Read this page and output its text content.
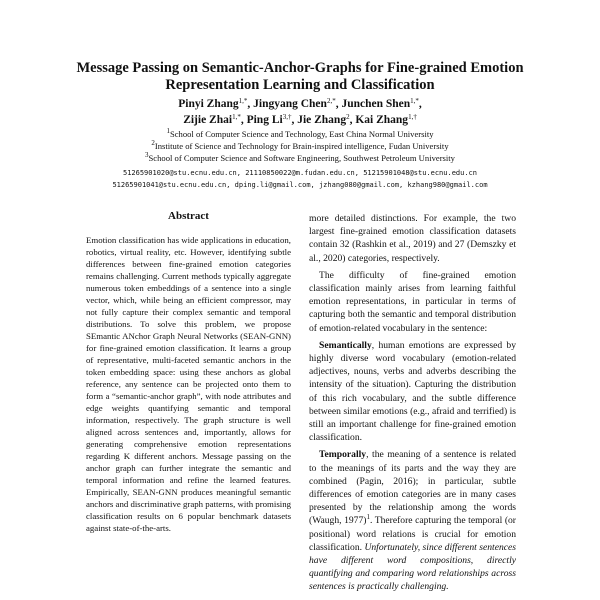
Message Passing on Semantic-Anchor-Graphs for Fine-grained Emotion
Representation Learning and Classification
Pinyi Zhang$^{1,*}$, Jingyang Chen$^{2,*}$, Junchen Shen$^{1,*}$,
Zijie Zhai$^{1,*}$, Ping $Li^{3,\dagger}$, Jie Zhang$^2$, Kai Zhang$^{1,\dagger}$
$^1$School of Computer Science and Technology, East China Normal University
$^2$Institute of Science and Technology for Brain-inspired intelligence, Fudan University
$^3$School of Computer Science and Software Engineering, Southwest Petroleum University
51265901020@stu.ecnu.edu.cn, 21110850022@m.fudan.edu.cn, 51215901048@stu.ecnu.edu.cn
51265901041@stu.ecnu.edu.cn, dping.li@gmail.com, jzhang080@gmail.com, kzhang980@gmail.com
Abstract

Emotion classification has wide applications in education, robotics, virtual reality, etc. However, identifying subtle differences between fine-grained emotion categories remains challenging. Current methods typically aggregate numerous token embeddings of a sentence into a single vector, which, while being an efficient compressor, may not fully capture their complex semantic and temporal distributions. To solve this problem, we propose SEmantic ANchor Graph Neural Networks (SEAN-GNN) for fine-grained emotion classification. It learns a group of representative, multi-faceted semantic anchors in the token embedding space: using these anchors as global reference, any sentence can be projected onto them to form a “semantic-anchor graph”, with node attributes and edge weights quantifying semantic and temporal information, respectively. The graph structure is well aligned across sentences and, importantly, allows for generating comprehensive emotion representations regarding K different anchors. Message passing on the anchor graph can further integrate the semantic and temporal information and refine the learned features. Empirically, SEAN-GNN produces meaningful semantic anchors and discriminative graph patterns, with promising classification results on 6 popular benchmark datasets against state-of-the-arts.

more detailed distinctions. For example, the two largest fine-grained emotion classification datasets contain 32 (Rashkin et al., 2019) and 27 (Demszky et al., 2020) categories, respectively.

The difficulty of fine-grained emotion classification mainly arises from learning faithful emotion representations, in particular in terms of capturing both the semantic and temporal distribution of emotion-related vocabulary in the sentence:

Semantically, human emotions are expressed by highly diverse word vocabulary (emotion-related adjectives, nouns, verbs and adverbs describing the intensity of the situation). Capturing the distribution of this rich vocabulary, and the subtle difference between similar emotions (e.g., afraid and terrified) is still an important challenge for fine-grained emotion classification.

Temporally, the meaning of a sentence is related to the meanings of its parts and the way they are combined (Pagin, 2016); in particular, subtle differences of emotion categories are in many cases presented by the relationship among the words (Waugh, 1977)$^1$. Therefore capturing the temporal (or positional) word relations is crucial for emotion classification. Unfortunately, since different sentences have different word compositions, directly quantifying and comparing word relationships across sentences is practically challenging.
